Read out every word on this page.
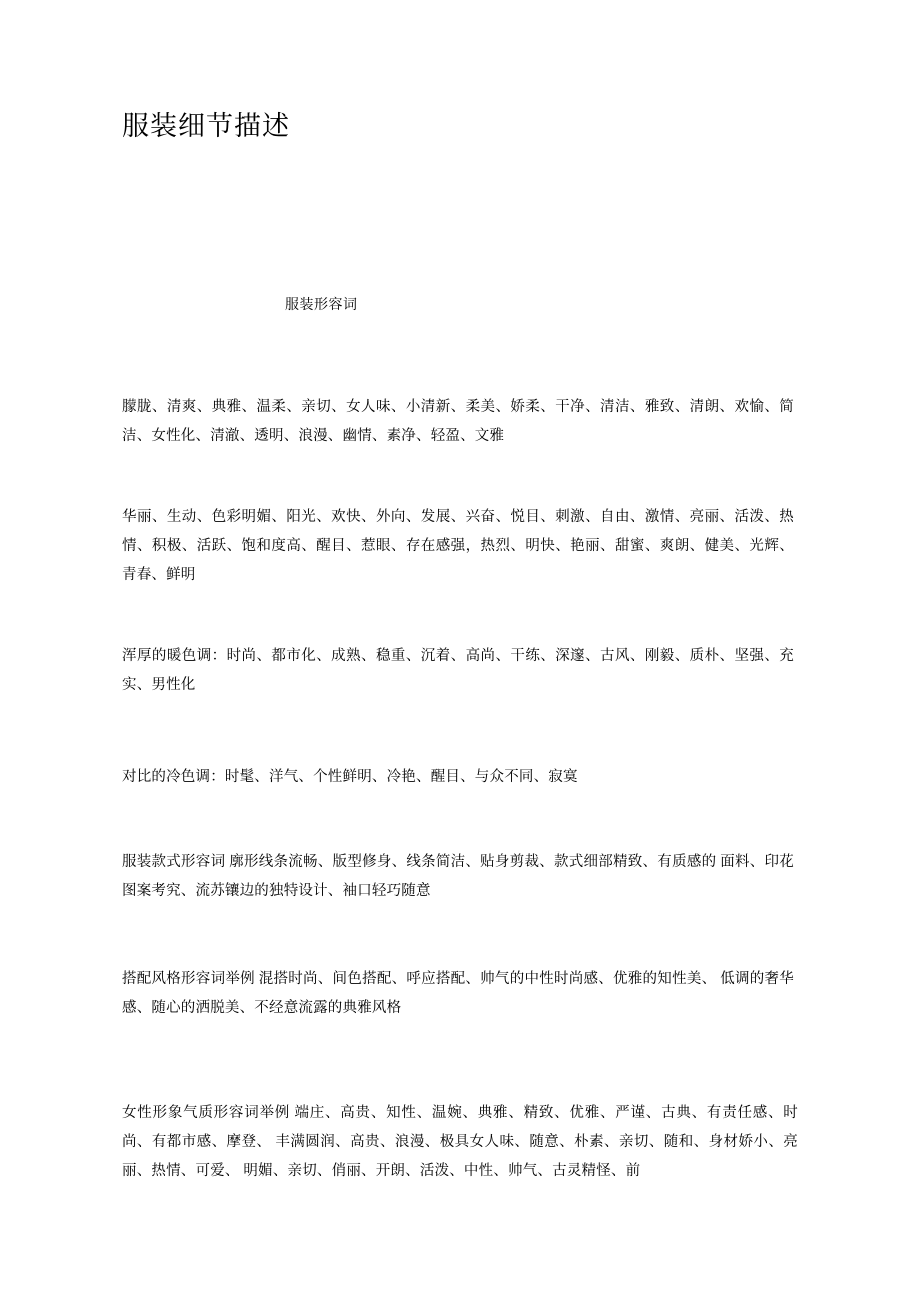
服装细节描述
服装形容词

朦胧、清爽、典雅、温柔、亲切、女人味、小清新、柔美、娇柔、干净、清洁、雅致、清朗、欢愉、简洁、女性化、清澈、透明、浪漫、幽情、素净、轻盈、文雅

华丽、生动、色彩明媚、阳光、欢快、外向、发展、兴奋、悦目、刺激、自由、激情、亮丽、活泼、热情、积极、活跃、饱和度高、醒目、惹眼、存在感强，热烈、明快、艳丽、甜蜜、爽朗、健美、光辉、青春、鲜明

浑厚的暖色调：时尚、都市化、成熟、稳重、沉着、高尚、干练、深邃、古风、刚毅、质朴、坚强、充实、男性化

对比的冷色调：时髦、洋气、个性鲜明、冷艳、醒目、与众不同、寂寞

服装款式形容词 廓形线条流畅、版型修身、线条简洁、贴身剪裁、款式细部精致、有质感的 面料、印花图案考究、流苏镶边的独特设计、袖口轻巧随意

搭配风格形容词举例 混搭时尚、间色搭配、呼应搭配、帅气的中性时尚感、优雅的知性美、 低调的奢华感、随心的洒脱美、不经意流露的典雅风格

女性形象气质形容词举例 端庄、高贵、知性、温婉、典雅、精致、优雅、严谨、古典、有责任感、时尚、有都市感、摩登、 丰满圆润、高贵、浪漫、极具女人味、随意、朴素、亲切、随和、身材娇小、亮丽、热情、可爱、 明媚、亲切、俏丽、开朗、活泼、中性、帅气、古灵精怪、前
